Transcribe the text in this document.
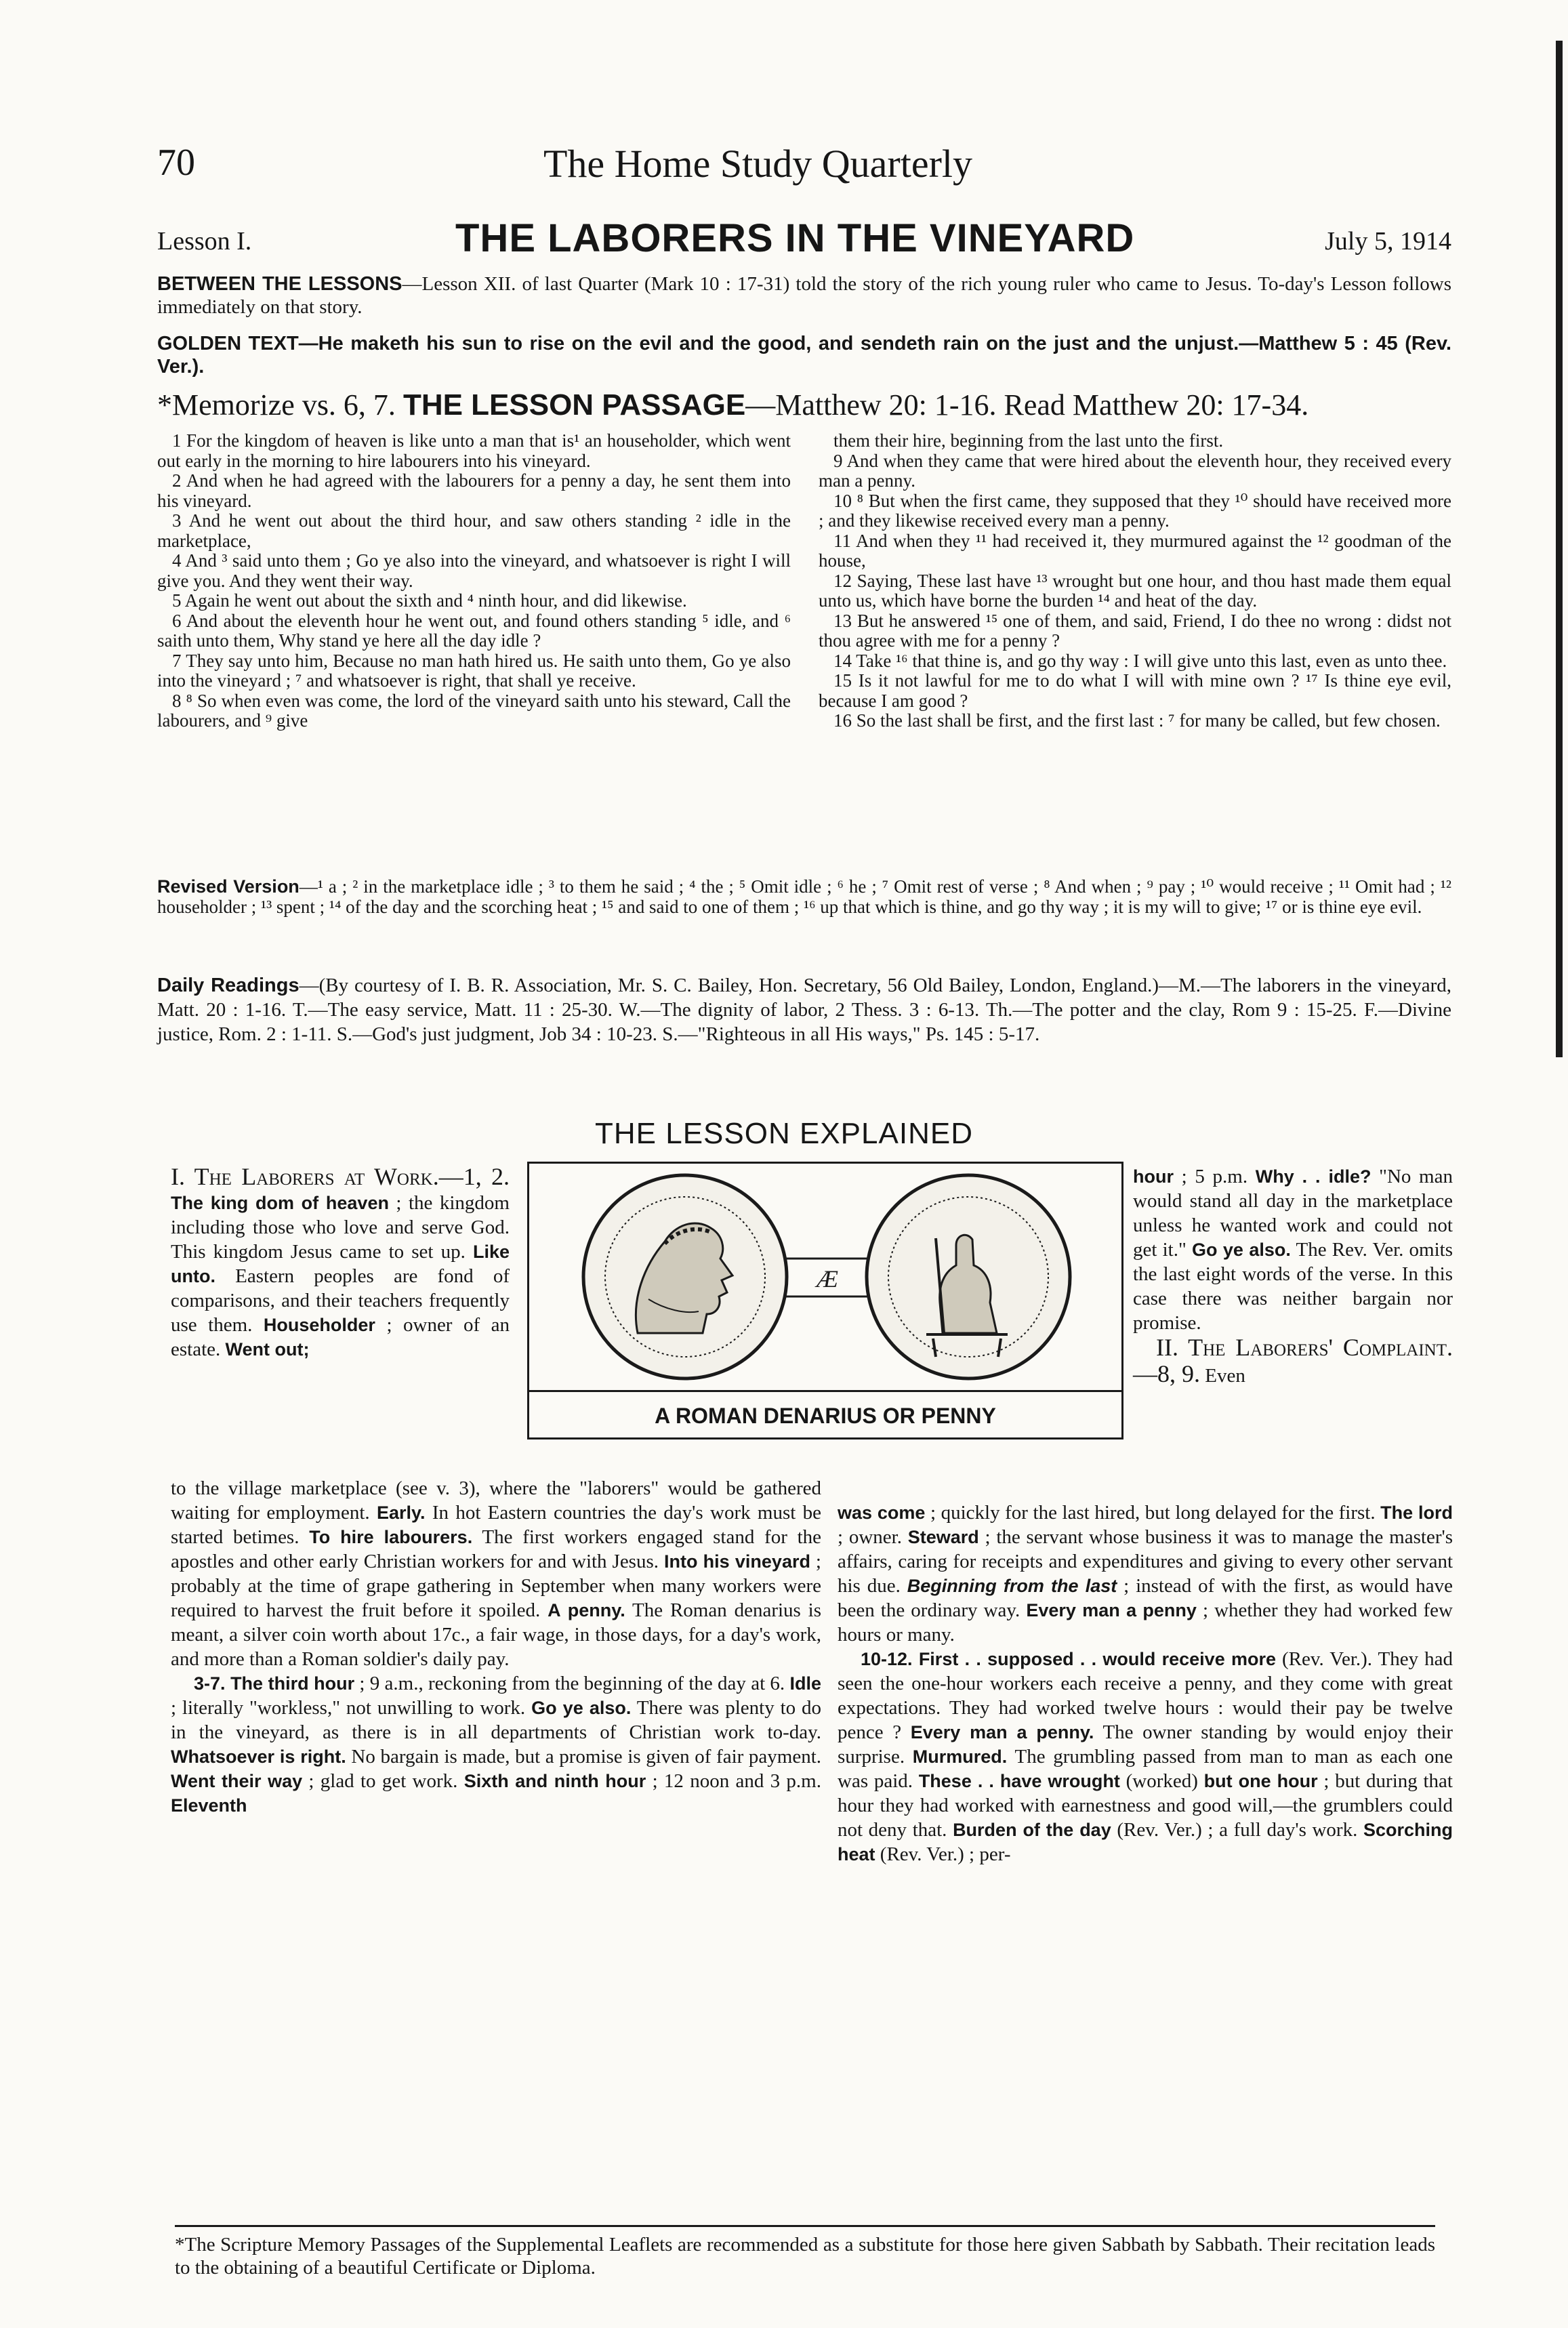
70	The Home Study Quarterly
Lesson I.	THE LABORERS IN THE VINEYARD	July 5, 1914
BETWEEN THE LESSONS—Lesson XII. of last Quarter (Mark 10 : 17-31) told the story of the rich young ruler who came to Jesus. To-day's Lesson follows immediately on that story.
GOLDEN TEXT—He maketh his sun to rise on the evil and the good, and sendeth rain on the just and the unjust.—Matthew 5 : 45 (Rev. Ver.).
*Memorize vs. 6, 7. THE LESSON PASSAGE—Matthew 20: 1-16. Read Matthew 20: 17-34.

1 For the kingdom of heaven is like unto a man that is¹ an householder, which went out early in the morning to hire labourers into his vineyard.

2 And when he had agreed with the labourers for a penny a day, he sent them into his vineyard.

3 And he went out about the third hour, and saw others standing ² idle in the marketplace,

4 And ³ said unto them ; Go ye also into the vineyard, and whatsoever is right I will give you. And they went their way.

5 Again he went out about the sixth and ⁴ ninth hour, and did likewise.

6 And about the eleventh hour he went out, and found others standing ⁵ idle, and ⁶ saith unto them, Why stand ye here all the day idle ?

7 They say unto him, Because no man hath hired us. He saith unto them, Go ye also into the vineyard ; ⁷ and whatsoever is right, that shall ye receive.

8 ⁸ So when even was come, the lord of the vineyard saith unto his steward, Call the labourers, and ⁹ give

them their hire, beginning from the last unto the first.

9 And when they came that were hired about the eleventh hour, they received every man a penny.

10 ⁸ But when the first came, they supposed that they ¹⁰ should have received more ; and they likewise received every man a penny.

11 And when they ¹¹ had received it, they murmured against the ¹² goodman of the house,

12 Saying, These last have ¹³ wrought but one hour, and thou hast made them equal unto us, which have borne the burden ¹⁴ and heat of the day.

13 But he answered ¹⁵ one of them, and said, Friend, I do thee no wrong : didst not thou agree with me for a penny ?

14 Take ¹⁶ that thine is, and go thy way : I will give unto this last, even as unto thee.

15 Is it not lawful for me to do what I will with mine own ? ¹⁷ Is thine eye evil, because I am good ?

16 So the last shall be first, and the first last : ⁷ for many be called, but few chosen.

Revised Version—¹ a ; ² in the marketplace idle ; ³ to them he said ; ⁴ the ; ⁵ Omit idle ; ⁶ he ; ⁷ Omit rest of verse ; ⁸ And when ; ⁹ pay ; ¹⁰ would receive ; ¹¹ Omit had ; ¹² householder ; ¹³ spent ; ¹⁴ of the day and the scorching heat ; ¹⁵ and said to one of them ; ¹⁶ up that which is thine, and go thy way ; it is my will to give; ¹⁷ or is thine eye evil.
Daily Readings—(By courtesy of I. B. R. Association, Mr. S. C. Bailey, Hon. Secretary, 56 Old Bailey, London, England.)—M.—The laborers in the vineyard, Matt. 20 : 1-16. T.—The easy service, Matt. 11 : 25-30. W.—The dignity of labor, 2 Thess. 3 : 6-13. Th.—The potter and the clay, Rom 9 : 15-25. F.—Divine justice, Rom. 2 : 1-11. S.—God's just judgment, Job 34 : 10-23. S.—"Righteous in all His ways," Ps. 145 : 5-17.
THE LESSON EXPLAINED
Æ
A ROMAN DENARIUS OR PENNY

I. The Laborers at Work.—1, 2. The king dom of heaven ; the kingdom including those who love and serve God. This kingdom Jesus came to set up. Like unto. Eastern peoples are fond of comparisons, and their teachers frequently use them. Householder ; owner of an estate. Went out;

to the village marketplace (see v. 3), where the "laborers" would be gathered waiting for employment. Early. In hot Eastern countries the day's work must be started betimes. To hire labourers. The first workers engaged stand for the apostles and other early Christian workers for and with Jesus. Into his vineyard ; probably at the time of grape gathering in September when many workers were required to harvest the fruit before it spoiled. A penny. The Roman denarius is meant, a silver coin worth about 17c., a fair wage, in those days, for a day's work, and more than a Roman soldier's daily pay.

3-7. The third hour ; 9 a.m., reckoning from the beginning of the day at 6. Idle ; literally "workless," not unwilling to work. Go ye also. There was plenty to do in the vineyard, as there is in all departments of Christian work to-day. Whatsoever is right. No bargain is made, but a promise is given of fair payment. Went their way ; glad to get work. Sixth and ninth hour ; 12 noon and 3 p.m. Eleventh

hour ; 5 p.m. Why . . idle? "No man would stand all day in the marketplace unless he wanted work and could not get it." Go ye also. The Rev. Ver. omits the last eight words of the verse. In this case there was neither bargain nor promise.

II. The Laborers' Complaint.—8, 9. Even

was come ; quickly for the last hired, but long delayed for the first. The lord ; owner. Steward ; the servant whose business it was to manage the master's affairs, caring for receipts and expenditures and giving to every other servant his due. Beginning from the last ; instead of with the first, as would have been the ordinary way. Every man a penny ; whether they had worked few hours or many.

10-12. First . . supposed . . would receive more (Rev. Ver.). They had seen the one-hour workers each receive a penny, and they come with great expectations. They had worked twelve hours : would their pay be twelve pence ? Every man a penny. The owner standing by would enjoy their surprise. Murmured. The grumbling passed from man to man as each one was paid. These . . have wrought (worked) but one hour ; but during that hour they had worked with earnestness and good will,—the grumblers could not deny that. Burden of the day (Rev. Ver.) ; a full day's work. Scorching heat (Rev. Ver.) ; per-

*The Scripture Memory Passages of the Supplemental Leaflets are recommended as a substitute for those here given Sabbath by Sabbath. Their recitation leads to the obtaining of a beautiful Certificate or Diploma.
